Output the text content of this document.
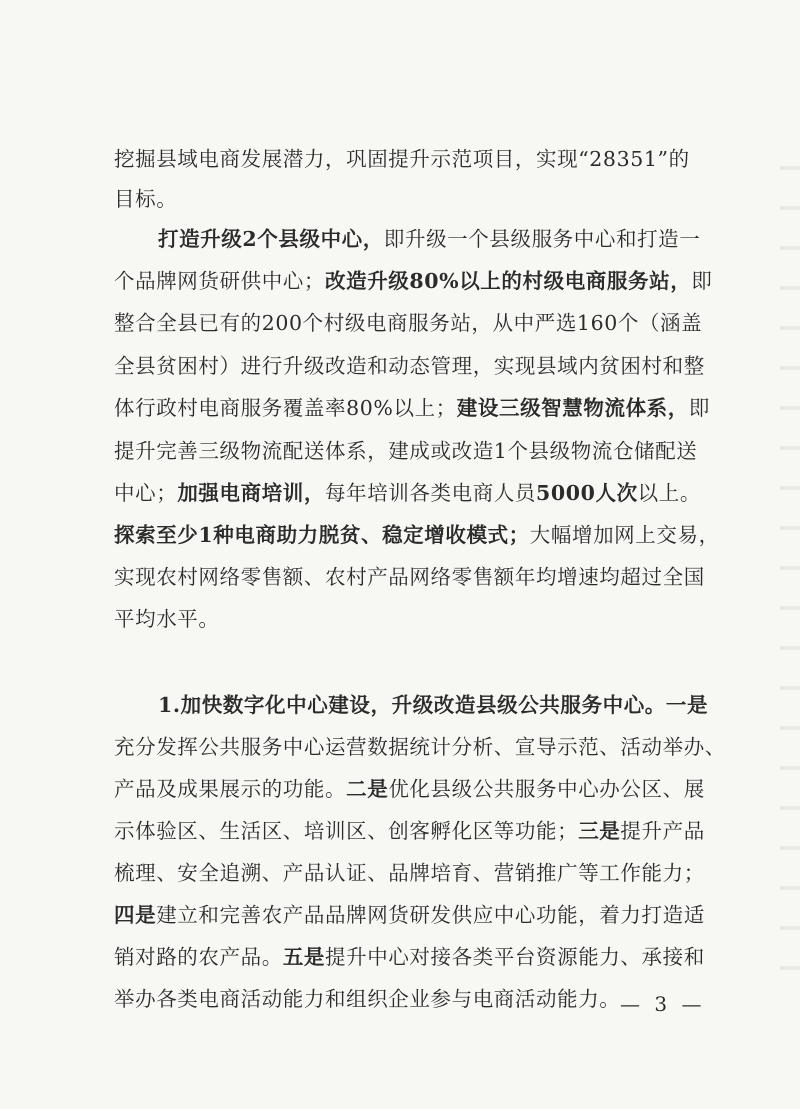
挖掘县域电商发展潜力，巩固提升示范项目，实现“28351”的
目标。
打造升级2个县级中心，即升级一个县级服务中心和打造一
个品牌网货研供中心；改造升级80%以上的村级电商服务站，即
整合全县已有的200个村级电商服务站，从中严选160个（涵盖
全县贫困村）进行升级改造和动态管理，实现县域内贫困村和整
体行政村电商服务覆盖率80%以上；建设三级智慧物流体系，即
提升完善三级物流配送体系，建成或改造1个县级物流仓储配送
中心；加强电商培训，每年培训各类电商人员5000人次以上。
探索至少1种电商助力脱贫、稳定增收模式；大幅增加网上交易，
实现农村网络零售额、农村产品网络零售额年均增速均超过全国
平均水平。
1.加快数字化中心建设，升级改造县级公共服务中心。一是
充分发挥公共服务中心运营数据统计分析、宣导示范、活动举办、
产品及成果展示的功能。二是优化县级公共服务中心办公区、展
示体验区、生活区、培训区、创客孵化区等功能；三是提升产品
梳理、安全追溯、产品认证、品牌培育、营销推广等工作能力；
四是建立和完善农产品品牌网货研发供应中心功能，着力打造适
销对路的农产品。五是提升中心对接各类平台资源能力、承接和
举办各类电商活动能力和组织企业参与电商活动能力。 — 3 —
